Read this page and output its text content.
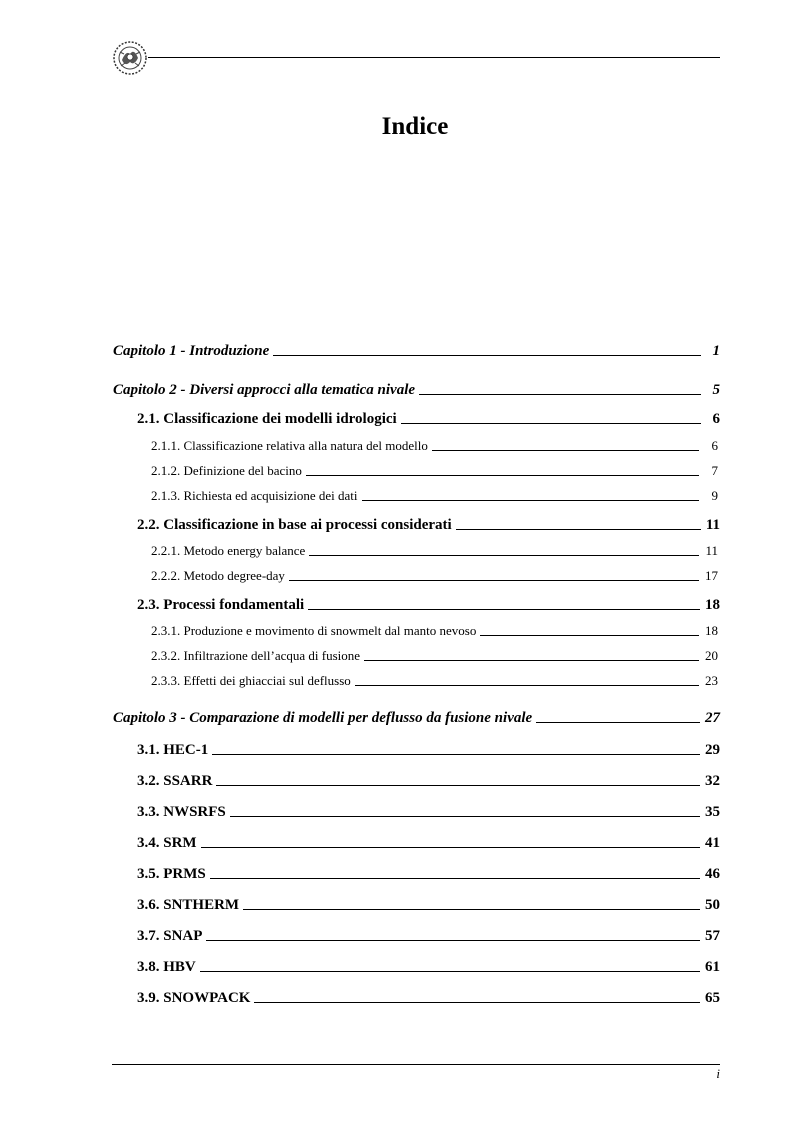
Indice
Capitolo 1 - Introduzione	1
Capitolo 2 - Diversi approcci alla tematica nivale	5
2.1. Classificazione dei modelli idrologici	6
2.1.1. Classificazione relativa alla natura del modello	6
2.1.2. Definizione del bacino	7
2.1.3. Richiesta ed acquisizione dei dati	9
2.2. Classificazione in base ai processi considerati	11
2.2.1. Metodo energy balance	11
2.2.2. Metodo degree-day	17
2.3. Processi fondamentali	18
2.3.1. Produzione e movimento di snowmelt dal manto nevoso	18
2.3.2. Infiltrazione dell’acqua di fusione	20
2.3.3. Effetti dei ghiacciai sul deflusso	23
Capitolo 3 - Comparazione di modelli per deflusso da fusione nivale	27
3.1. HEC-1	29
3.2. SSARR	32
3.3. NWSRFS	35
3.4. SRM	41
3.5. PRMS	46
3.6. SNTHERM	50
3.7. SNAP	57
3.8. HBV	61
3.9. SNOWPACK	65
i
